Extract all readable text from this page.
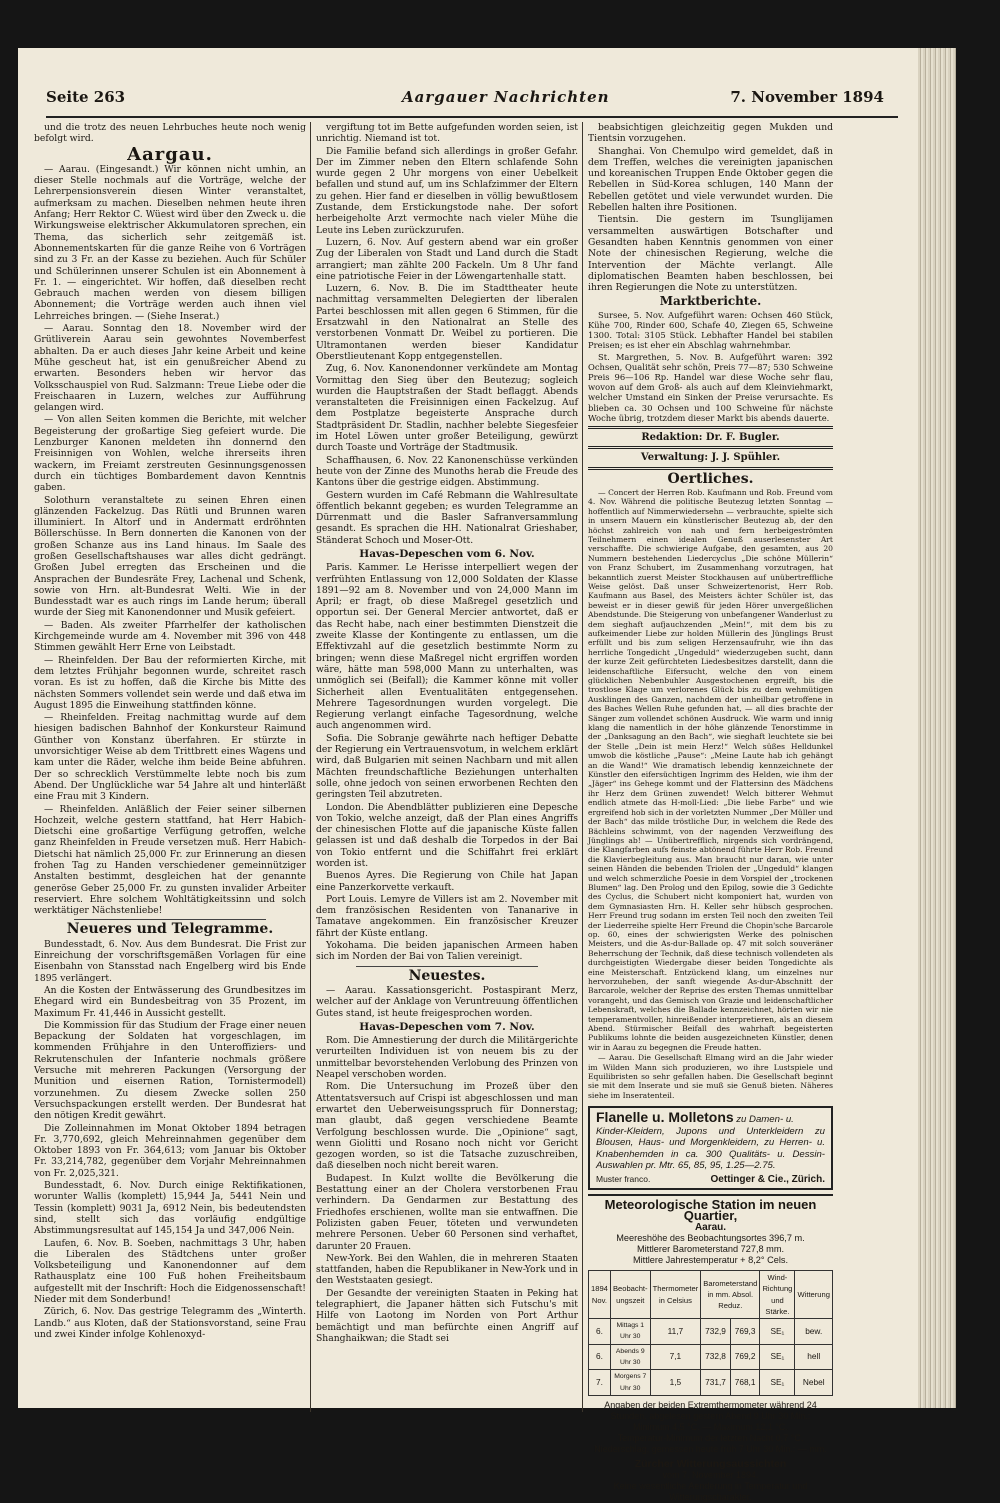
Seite 263	Aargauer Nachrichten	7. November 1894

und die trotz des neuen Lehrbuches heute noch wenig befolgt wird.

Aargau.

— Aarau. (Eingesandt.) Wir können nicht umhin, an dieser Stelle nochmals auf die Vorträge, welche der Lehrerpensionsverein diesen Winter veranstaltet, aufmerksam zu machen. Dieselben nehmen heute ihren Anfang; Herr Rektor C. Wüest wird über den Zweck u. die Wirkungsweise elektrischer Akkumulatoren sprechen, ein Thema, das sicherlich sehr zeitgemäß ist. Abonnementskarten für die ganze Reihe von 6 Vorträgen sind zu 3 Fr. an der Kasse zu beziehen. Auch für Schüler und Schülerinnen unserer Schulen ist ein Abonnement à Fr. 1. — eingerichtet. Wir hoffen, daß dieselben recht Gebrauch machen werden von diesem billigen Abonnement; die Vorträge werden auch ihnen viel Lehrreiches bringen. — (Siehe Inserat.)

— Aarau. Sonntag den 18. November wird der Grütliverein Aarau sein gewohntes Novemberfest abhalten. Da er auch dieses Jahr keine Arbeit und keine Mühe gescheut hat, ist ein genußreicher Abend zu erwarten. Besonders heben wir hervor das Volksschauspiel von Rud. Salzmann: Treue Liebe oder die Freischaaren in Luzern, welches zur Aufführung gelangen wird.

— Von allen Seiten kommen die Berichte, mit welcher Begeisterung der großartige Sieg gefeiert wurde. Die Lenzburger Kanonen meldeten ihn donnernd den Freisinnigen von Wohlen, welche ihrerseits ihren wackern, im Freiamt zerstreuten Gesinnungsgenossen durch ein tüchtiges Bombardement davon Kenntnis gaben.

Solothurn veranstaltete zu seinen Ehren einen glänzenden Fackelzug. Das Rütli und Brunnen waren illuminiert. In Altorf und in Andermatt erdröhnten Böllerschüsse. In Bern donnerten die Kanonen von der großen Schanze aus ins Land hinaus. Im Saale des großen Gesellschaftshauses war alles dicht gedrängt. Großen Jubel erregten das Erscheinen und die Ansprachen der Bundesräte Frey, Lachenal und Schenk, sowie von Hrn. alt-Bundesrat Welti. Wie in der Bundesstadt war es auch rings im Lande herum; überall wurde der Sieg mit Kanonendonner und Musik gefeiert.

— Baden. Als zweiter Pfarrhelfer der katholischen Kirchgemeinde wurde am 4. November mit 396 von 448 Stimmen gewählt Herr Erne von Leibstadt.

— Rheinfelden. Der Bau der reformierten Kirche, mit dem letztes Frühjahr begonnen wurde, schreitet rasch voran. Es ist zu hoffen, daß die Kirche bis Mitte des nächsten Sommers vollendet sein werde und daß etwa im August 1895 die Einweihung stattfinden könne.

— Rheinfelden. Freitag nachmittag wurde auf dem hiesigen badischen Bahnhof der Konkursteur Raimund Günther von Konstanz überfahren. Er stürzte in unvorsichtiger Weise ab dem Trittbrett eines Wagens und kam unter die Räder, welche ihm beide Beine abfuhren. Der so schrecklich Verstümmelte lebte noch bis zum Abend. Der Unglückliche war 54 Jahre alt und hinterläßt eine Frau mit 3 Kindern.

— Rheinfelden. Anläßlich der Feier seiner silbernen Hochzeit, welche gestern stattfand, hat Herr Habich-Dietschi eine großartige Verfügung getroffen, welche ganz Rheinfelden in Freude versetzen muß. Herr Habich-Dietschi hat nämlich 25,000 Fr. zur Erinnerung an diesen frohen Tag zu Handen verschiedener gemeinnütziger Anstalten bestimmt, desgleichen hat der genannte generöse Geber 25,000 Fr. zu gunsten invalider Arbeiter reserviert. Ehre solchem Wohltätigkeitssinn und solch werktätiger Nächstenliebe!

Neueres und Telegramme.

Bundesstadt, 6. Nov. Aus dem Bundesrat. Die Frist zur Einreichung der vorschriftsgemäßen Vorlagen für eine Eisenbahn von Stansstad nach Engelberg wird bis Ende 1895 verlängert.

An die Kosten der Entwässerung des Grundbesitzes im Ehegard wird ein Bundesbeitrag von 35 Prozent, im Maximum Fr. 41,446 in Aussicht gestellt.

Die Kommission für das Studium der Frage einer neuen Bepackung der Soldaten hat vorgeschlagen, im kommenden Frühjahre in den Unteroffiziers- und Rekrutenschulen der Infanterie nochmals größere Versuche mit mehreren Packungen (Versorgung der Munition und eisernen Ration, Tornistermodell) vorzunehmen. Zu diesem Zwecke sollen 250 Versuchspackungen erstellt werden. Der Bundesrat hat den nötigen Kredit gewährt.

Die Zolleinnahmen im Monat Oktober 1894 betragen Fr. 3,770,692, gleich Mehreinnahmen gegenüber dem Oktober 1893 von Fr. 364,613; vom Januar bis Oktober Fr. 33,214,782, gegenüber dem Vorjahr Mehreinnahmen von Fr. 2,025,321.

Bundesstadt, 6. Nov. Durch einige Rektifikationen, worunter Wallis (komplett) 15,944 Ja, 5441 Nein und Tessin (komplett) 9031 Ja, 6912 Nein, bis bedeutendsten sind, stellt sich das vorläufig endgültige Abstimmungsresultat auf 145,154 Ja und 347,006 Nein.

Laufen, 6. Nov. B. Soeben, nachmittags 3 Uhr, haben die Liberalen des Städtchens unter großer Volksbeteiligung und Kanonendonner auf dem Rathausplatz eine 100 Fuß hohen Freiheitsbaum aufgestellt mit der Inschrift: Hoch die Eidgenossenschaft! Nieder mit dem Sonderbund!

Zürich, 6. Nov. Das gestrige Telegramm des „Winterth. Landb.“ aus Kloten, daß der Stationsvorstand, seine Frau und zwei Kinder infolge Kohlenoxyd-

vergiftung tot im Bette aufgefunden worden seien, ist unrichtig. Niemand ist tot.

Die Familie befand sich allerdings in großer Gefahr. Der im Zimmer neben den Eltern schlafende Sohn wurde gegen 2 Uhr morgens von einer Uebelkeit befallen und stund auf, um ins Schlafzimmer der Eltern zu gehen. Hier fand er dieselben in völlig bewußtlosem Zustande, dem Erstickungstode nahe. Der sofort herbeigeholte Arzt vermochte nach vieler Mühe die Leute ins Leben zurückzurufen.

Luzern, 6. Nov. Auf gestern abend war ein großer Zug der Liberalen von Stadt und Land durch die Stadt arrangiert; man zählte 200 Fackeln. Um 8 Uhr fand eine patriotische Feier in der Löwengartenhalle statt.

Luzern, 6. Nov. B. Die im Stadttheater heute nachmittag versammelten Delegierten der liberalen Partei beschlossen mit allen gegen 6 Stimmen, für die Ersatzwahl in den Nationalrat an Stelle des verstorbenen Vonmatt Dr. Weibel zu portieren. Die Ultramontanen werden bieser Kandidatur Oberstlieutenant Kopp entgegenstellen.

Zug, 6. Nov. Kanonendonner verkündete am Montag Vormittag den Sieg über den Beutezug; sogleich wurden die Hauptstraßen der Stadt beflaggt. Abends veranstalteten die Freisinnigen einen Fackelzug. Auf dem Postplatze begeisterte Ansprache durch Stadtpräsident Dr. Stadlin, nachher belebte Siegesfeier im Hotel Löwen unter großer Beteiligung, gewürzt durch Toaste und Vorträge der Stadtmusik.

Schaffhausen, 6. Nov. 22 Kanonenschüsse verkünden heute von der Zinne des Munoths herab die Freude des Kantons über die gestrige eidgen. Abstimmung.

Gestern wurden im Café Rebmann die Wahlresultate öffentlich bekannt gegeben; es wurden Telegramme an Dürrenmatt und die Basler Safranversammlung gesandt. Es sprachen die HH. Nationalrat Grieshaber, Ständerat Schoch und Moser-Ott.

Havas-Depeschen vom 6. Nov.

Paris. Kammer. Le Herisse interpelliert wegen der verfrühten Entlassung von 12,000 Soldaten der Klasse 1891—92 am 8. November und von 24,000 Mann im April; er fragt, ob diese Maßregel gesetzlich und opportun sei. Der General Mercier antwortet, daß er das Recht habe, nach einer bestimmten Dienstzeit die zweite Klasse der Kontingente zu entlassen, um die Effektivzahl auf die gesetzlich bestimmte Norm zu bringen; wenn diese Maßregel nicht ergriffen worden wäre, hätte man 598,000 Mann zu unterhalten, was unmöglich sei (Beifall); die Kammer könne mit voller Sicherheit allen Eventualitäten entgegensehen. Mehrere Tagesordnungen wurden vorgelegt. Die Regierung verlangt einfache Tagesordnung, welche auch angenommen wird.

Sofia. Die Sobranje gewährte nach heftiger Debatte der Regierung ein Vertrauensvotum, in welchem erklärt wird, daß Bulgarien mit seinen Nachbarn und mit allen Mächten freundschaftliche Beziehungen unterhalten solle, ohne jedoch von seinen erworbenen Rechten den geringsten Teil abzutreten.

London. Die Abendblätter publizieren eine Depesche von Tokio, welche anzeigt, daß der Plan eines Angriffs der chinesischen Flotte auf die japanische Küste fallen gelassen ist und daß deshalb die Torpedos in der Bai von Tokio entfernt und die Schiffahrt frei erklärt worden ist.

Buenos Ayres. Die Regierung von Chile hat Japan eine Panzerkorvette verkauft.

Port Louis. Lemyre de Villers ist am 2. November mit dem französischen Residenten von Tananarive in Tamatave angekommen. Ein französischer Kreuzer fährt der Küste entlang.

Yokohama. Die beiden japanischen Armeen haben sich im Norden der Bai von Talien vereinigt.

Neuestes.

— Aarau. Kassationsgericht. Postaspirant Merz, welcher auf der Anklage von Veruntreuung öffentlichen Gutes stand, ist heute freigesprochen worden.

Havas-Depeschen vom 7. Nov.

Rom. Die Amnestierung der durch die Militärgerichte verurteilten Individuen ist von neuem bis zu der unmittelbar bevorstehenden Verlobung des Prinzen von Neapel verschoben worden.

Rom. Die Untersuchung im Prozeß über den Attentatsversuch auf Crispi ist abgeschlossen und man erwartet den Ueberweisungsspruch für Donnerstag; man glaubt, daß gegen verschiedene Beamte Verfolgung beschlossen wurde. Die „Opinione“ sagt, wenn Giolitti und Rosano noch nicht vor Gericht gezogen worden, so ist die Tatsache zuzuschreiben, daß dieselben noch nicht bereit waren.

Budapest. In Kulzt wollte die Bevölkerung die Bestattung einer an der Cholera verstorbenen Frau verhindern. Da Gendarmen zur Bestattung des Friedhofes erschienen, wollte man sie entwaffnen. Die Polizisten gaben Feuer, töteten und verwundeten mehrere Personen. Ueber 60 Personen sind verhaftet, darunter 20 Frauen.

New-York. Bei den Wahlen, die in mehreren Staaten stattfanden, haben die Republikaner in New-York und in den Weststaaten gesiegt.

Der Gesandte der vereinigten Staaten in Peking hat telegraphiert, die Japaner hätten sich Futschu's mit Hilfe von Laotong im Norden von Port Arthur bemächtigt und man befürchte einen Angriff auf Shanghaikwan; die Stadt sei

beabsichtigen gleichzeitig gegen Mukden und Tientsin vorzugehen.

Shanghai. Von Chemulpo wird gemeldet, daß in dem Treffen, welches die vereinigten japanischen und koreanischen Truppen Ende Oktober gegen die Rebellen in Süd-Korea schlugen, 140 Mann der Rebellen getötet und viele verwundet wurden. Die Rebellen halten ihre Positionen.

Tientsin. Die gestern im Tsunglijamen versammelten auswärtigen Botschafter und Gesandten haben Kenntnis genommen von einer Note der chinesischen Regierung, welche die Intervention der Mächte verlangt. Alle diplomatischen Beamten haben beschlossen, bei ihren Regierungen die Note zu unterstützen.

Marktberichte.

Sursee, 5. Nov. Aufgeführt waren: Ochsen 460 Stück, Kühe 700, Rinder 600, Schafe 40, Ziegen 65, Schweine 1300. Total: 3105 Stück. Lebhafter Handel bei stabilen Preisen; es ist eher ein Abschlag wahrnehmbar.

St. Margrethen, 5. Nov. B. Aufgeführt waren: 392 Ochsen, Qualität sehr schön, Preis 77—87; 530 Schweine Preis 96—106 Rp. Handel war diese Woche sehr flau, wovon auf dem Groß- als auch auf dem Kleinviehmarkt, welcher Umstand ein Sinken der Preise verursachte. Es blieben ca. 30 Ochsen und 100 Schweine für nächste Woche übrig, trotzdem dieser Markt bis abends dauerte.

Redaktion: Dr. F. Bugler.
Verwaltung: J. J. Spühler.
Oertliches.

— Concert der Herren Rob. Kaufmann und Rob. Freund vom 4. Nov. Während die politische Beutezug letzten Sonntag — hoffentlich auf Nimmerwiedersehn — verbrauchte, spielte sich in unsern Mauern ein künstlerischer Beutezug ab, der den höchst zahlreich von nah und fern herbeigeströmten Teilnehmern einen idealen Genuß auserlesenster Art verschaffte. Die schwierige Aufgabe, den gesamten, aus 20 Nummern bestehenden Liedercyclus „Die schöne Müllerin“ von Franz Schubert, im Zusammenhang vorzutragen, hat bekanntlich zuerst Meister Stockhausen auf unübertreffliche Weise gelöst. Daß unser Schweizertenorist, Herr Rob. Kaufmann aus Basel, des Meisters ächter Schüler ist, das beweist er in dieser gewiß für jeden Hörer unvergeßlichen Abendstunde. Die Steigerung von unbefangener Wanderlust zu dem sieghaft aufjauchzenden „Mein!“, mit dem bis zu aufkeimender Liebe zur holden Müllerin des Jünglings Brust erfüllt und bis zum seligen Herzensaufruhr, wie ihn das herrliche Tongedicht „Ungeduld“ wiederzugeben sucht, dann der kurze Zeit gefürchteten Liedesbesitzes darstellt, dann die leidenschaftliche Eifersucht, welche den von einem glücklichen Nebenbuhler Ausgestochenen ergreift, bis die trostlose Klage um verlorenes Glück bis zu dem wehmütigen Ausklingen des Ganzen, nachdem der unheilbar getroffene in des Baches Wellen Ruhe gefunden hat, — all dies brachte der Sänger zum vollendet schönen Ausdruck. Wie warm und innig klang die namentlich in der höhe glänzende Tenorstimme in der „Danksagung an den Bach“, wie sieghaft leuchtete sie bei der Stelle „Dein ist mein Herz!“ Welch süßes Helldunkel umwob die köstliche „Pause“: „Meine Laute hab ich gehängt an die Wand!“ Wie dramatisch lebendig kennzeichnete der Künstler den eifersüchtigen Ingrimm des Helden, wie ihm der „Jäger“ ins Gehege kommt und der Flattersinn des Mädchens ihr Herz dem Grünen zuwendet! Welch bitterer Wehmut endlich atmete das H-moll-Lied: „Die liebe Farbe“ und wie ergreifend hob sich in der vorletzten Nummer „Der Müller und der Bach“ das milde tröstliche Dur, in welchem die Rede des Bächleins schwimmt, von der nagenden Verzweiflung des Jünglings ab! — Unübertrefflich, nirgends sich vordrängend, die Klangfarben aufs feinste abtönend führte Herr Rob. Freund die Klavierbegleitung aus. Man braucht nur daran, wie unter seinen Händen die bebenden Triolen der „Ungeduld“ klangen und welch schmerzliche Poesie in dem Vorspiel der „trockenen Blumen“ lag. Den Prolog und den Epilog, sowie die 3 Gedichte des Cyclus, die Schubert nicht komponiert hat, wurden von dem Gymnasiasten Hrn. H. Keller sehr hübsch gesprochen. Herr Freund trug sodann im ersten Teil noch den zweiten Teil der Liederreihe spielte Herr Freund die Chopin'sche Barcarole op. 60, eines der schwierigsten Werke des polnischen Meisters, und die As-dur-Ballade op. 47 mit solch souveräner Beherrschung der Technik, daß diese technisch vollendeten als durchgeistigten Wiedergabe dieser beiden Tongedichte als eine Meisterschaft. Entzückend klang, um einzelnes nur hervorzuheben, der sanft wiegende As-dur-Abschnitt der Barcarole, welcher der Reprise des ersten Themas unmittelbar vorangeht, und das Gemisch von Grazie und leidenschaftlicher Lebenskraft, welches die Ballade kennzeichnet, hörten wir nie temperamentvoller, hinreißender interpretieren, als an diesem Abend. Stürmischer Beifall des wahrhaft begeisterten Publikums lohnte die beiden ausgezeichneten Künstler, denen wir in Aarau zu begegnen die Freude hatten.

— Aarau. Die Gesellschaft Elmang wird an die Jahr wieder im Wilden Mann sich produzieren, wo ihre Lustspiele und Equilibristen so sehr gefallen haben. Die Gesellschaft beginnt sie mit dem Inserate und sie muß sie Genuß bieten. Näheres siehe im Inseratenteil.

Flanelle u. Molletons zu Damen- u.
Kinder-Kleidern, Jupons und Unterkleidern zu Blousen, Haus- und Morgenkleidern, zu Herren- u. Knabenhemden in ca. 300 Qualitäts- u. Dessin-Auswahlen pr. Mtr. 65, 85, 95, 1.25—2.75.
Muster franco.	Oettinger & Cie., Zürich.
Meteorologische Station im neuen Quartier,
Aarau.
Meereshöhe des Beobachtungsortes 396,7 m.
Mittlerer Barometerstand 727,8 mm.
Mittlere Jahrestemperatur + 8,2° Cels.
1894 Nov.	Beobacht-ungszeit	Thermometer in Celsius	Barometerstand in mm. Absol. Reduz.		Wind-Richtung und Stärke.	Witterung
6.	Mittags 1 Uhr 30	11,7	732,9	769,3	SE₁	bew.
6.	Abends 9 Uhr 30	7,1	732,8	769,2	SE₁	hell
7.	Morgens 7 Uhr 30	1,5	731,7	768,1	SE₁	Nebel
Angaben der beiden Extremthermometer während 24 Stunden, abgelesen gestern Abend 9 Uhr 30 Min.:
Minimum 4,5 °C. — Maximum 12,1 °C.
Temperatur-Minimum der letzten Nacht 0,7 °C.
Niederschlag, gemessen heute früh 7 Uhr 30 Min.: — mm.
Zürcher Witterungsaussichten
vom 7. November 1894.
Keine wesentliche Aenderung in Temperatur und Witterungscharakter.
